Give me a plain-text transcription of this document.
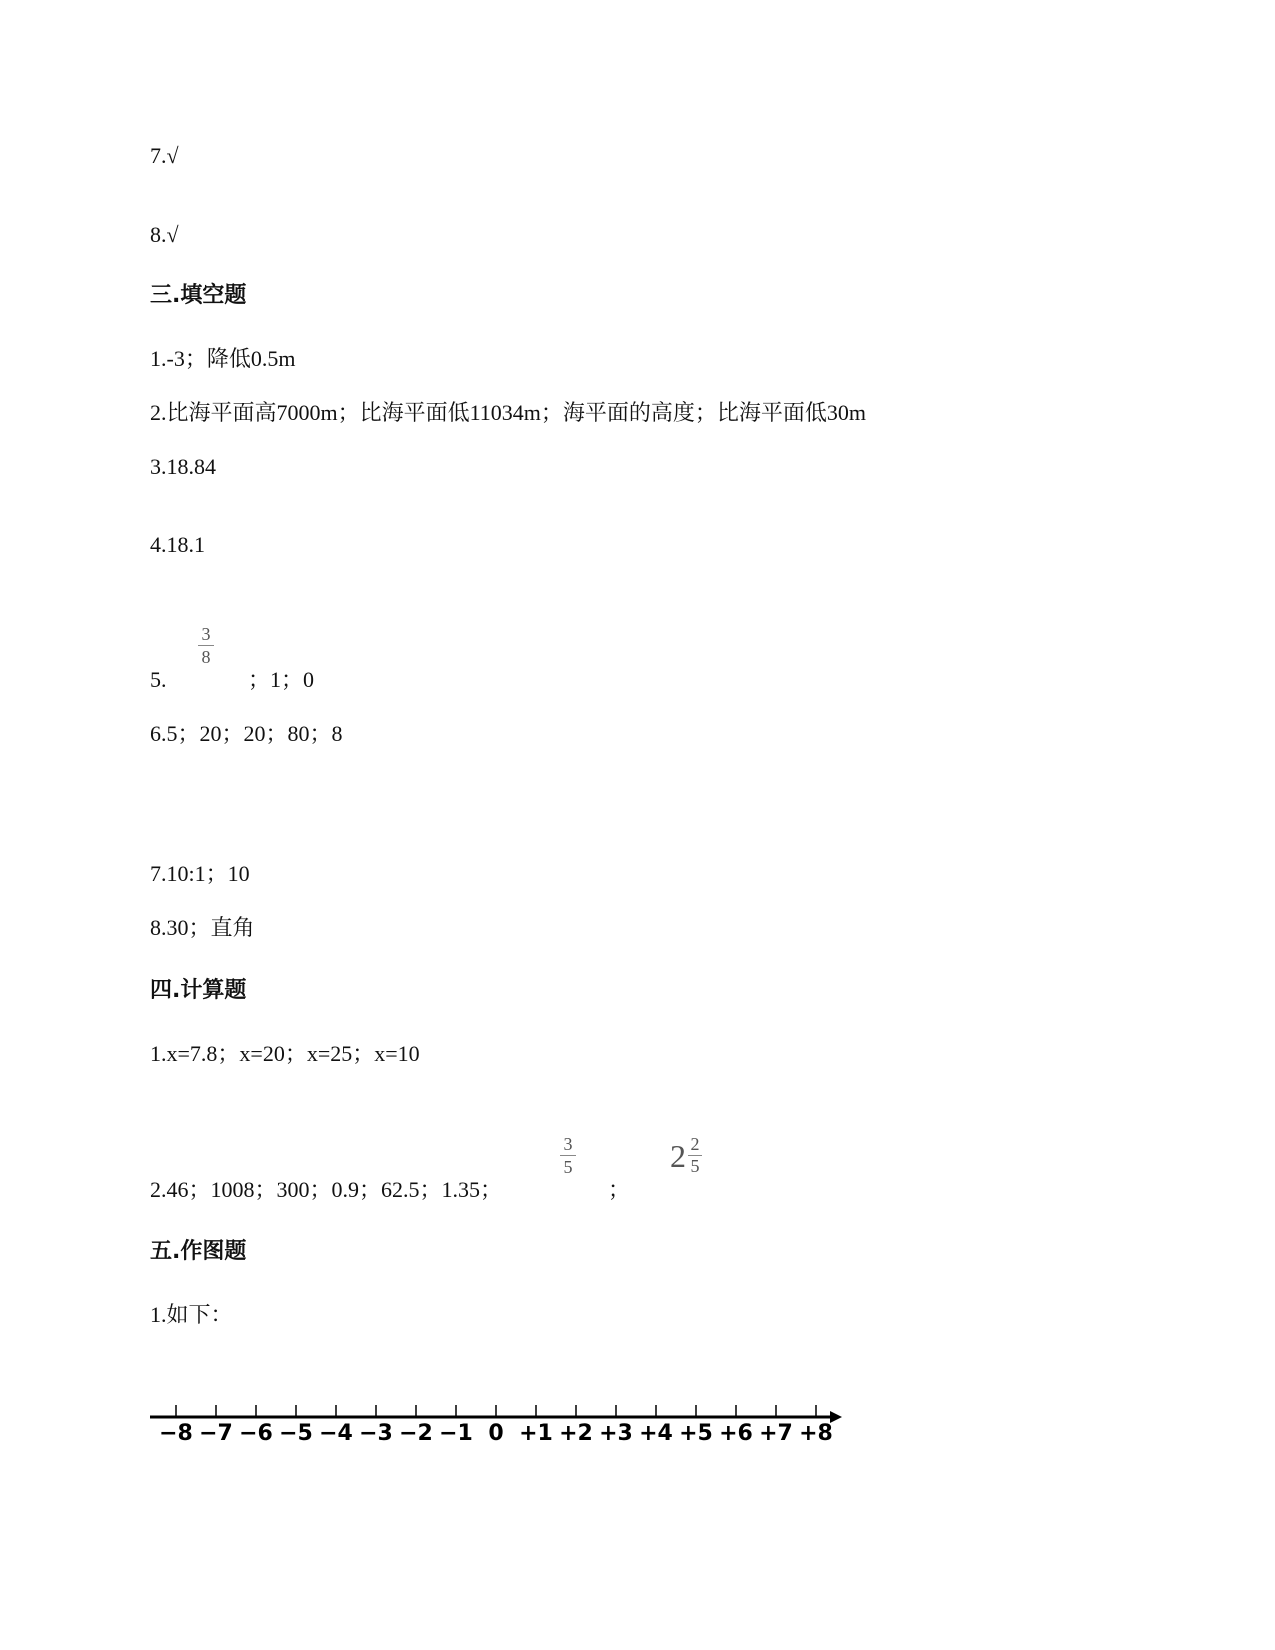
7.√
8.√
三.填空题
1.-3；降低0.5m
2.比海平面高7000m；比海平面低11034m；海平面的高度；比海平面低30m
3.18.84
4.18.1
5.
3
8
；1；0
6.5；20；20；80；8
7.10:1；10
8.30；直角
四.计算题
1.x=7.8；x=20；x=25；x=10
2.46；1008；300；0.9；62.5；1.35；
3
5
；
2 2
5
五.作图题
1.如下：
−8 −7 −6 −5 −4 −3 −2 −1 0 +1 +2 +3 +4 +5 +6 +7 +8
